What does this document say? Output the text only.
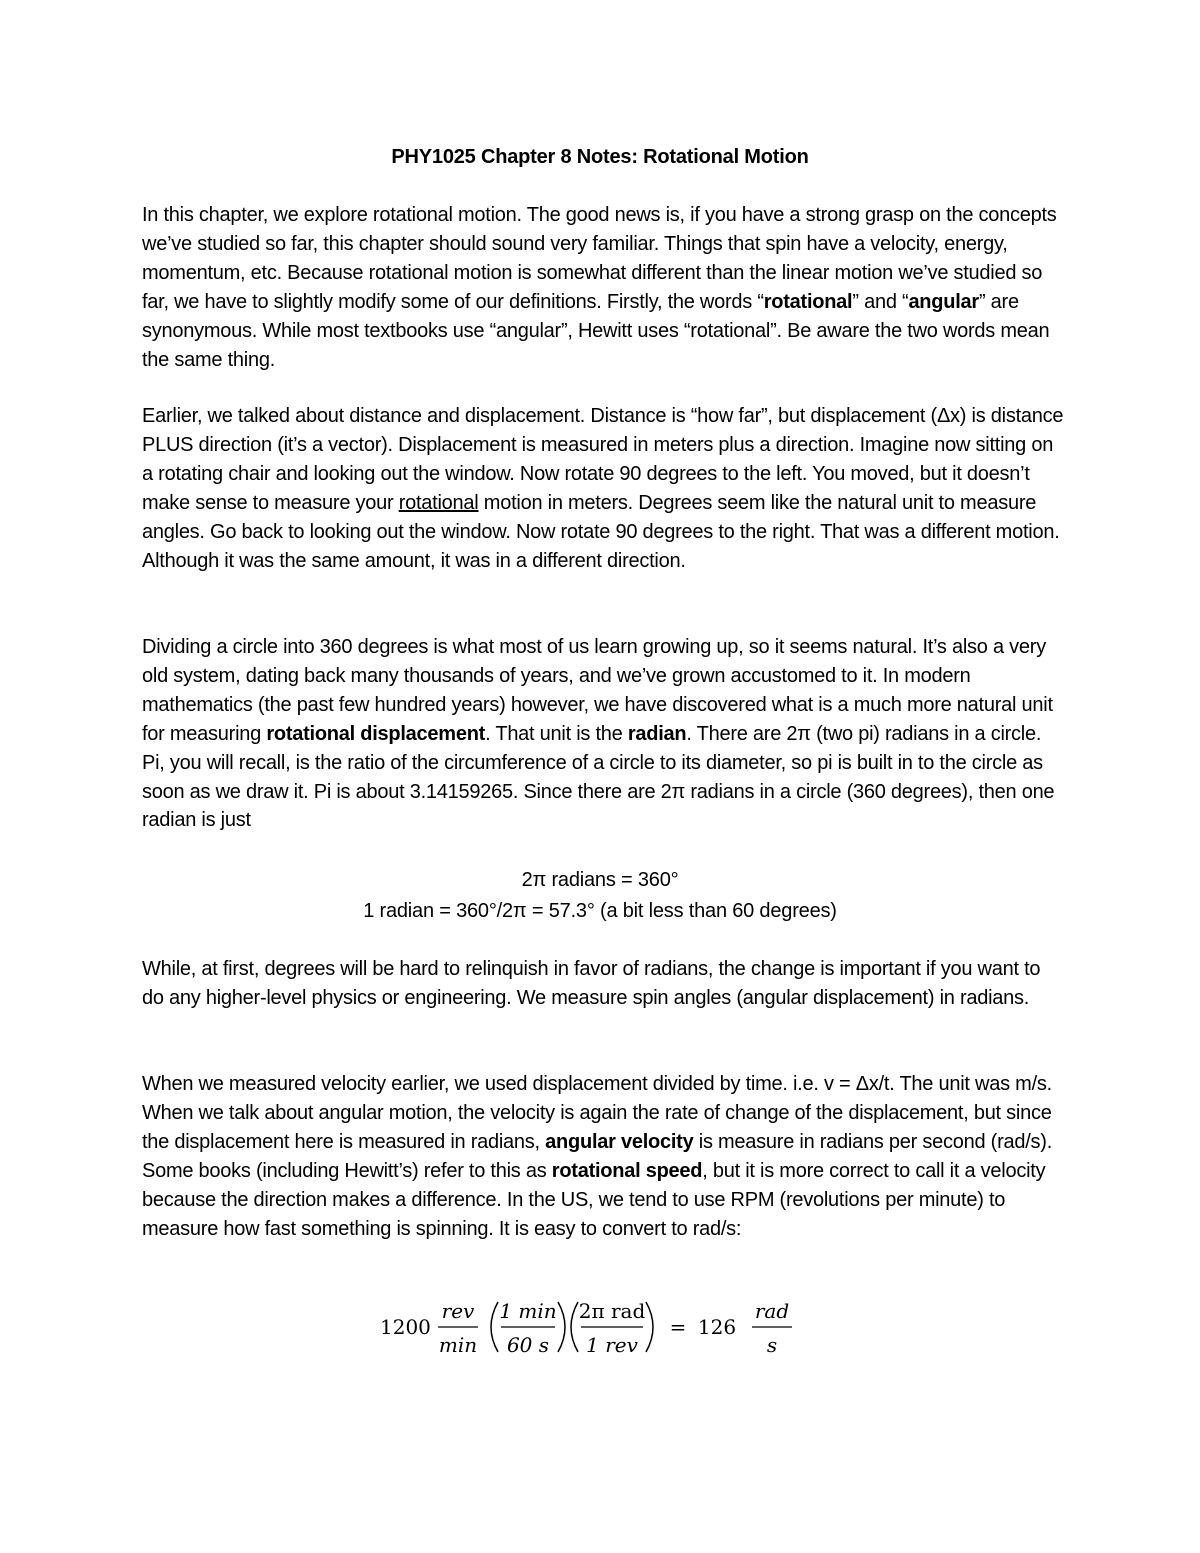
PHY1025 Chapter 8 Notes: Rotational Motion

In this chapter, we explore rotational motion. The good news is, if you have a strong grasp on the concepts we’ve studied so far, this chapter should sound very familiar. Things that spin have a velocity, energy, momentum, etc. Because rotational motion is somewhat different than the linear motion we’ve studied so far, we have to slightly modify some of our definitions. Firstly, the words “rotational” and “angular” are synonymous. While most textbooks use “angular”, Hewitt uses “rotational”. Be aware the two words mean the same thing.

Earlier, we talked about distance and displacement. Distance is “how far”, but displacement (Δx) is distance PLUS direction (it’s a vector). Displacement is measured in meters plus a direction. Imagine now sitting on a rotating chair and looking out the window. Now rotate 90 degrees to the left. You moved, but it doesn’t make sense to measure your rotational motion in meters. Degrees seem like the natural unit to measure angles. Go back to looking out the window. Now rotate 90 degrees to the right. That was a different motion. Although it was the same amount, it was in a different direction.

Dividing a circle into 360 degrees is what most of us learn growing up, so it seems natural. It’s also a very old system, dating back many thousands of years, and we’ve grown accustomed to it. In modern mathematics (the past few hundred years) however, we have discovered what is a much more natural unit for measuring rotational displacement. That unit is the radian. There are 2π (two pi) radians in a circle. Pi, you will recall, is the ratio of the circumference of a circle to its diameter, so pi is built in to the circle as soon as we draw it. Pi is about 3.14159265. Since there are 2π radians in a circle (360 degrees), then one radian is just

2π radians = 360°
1 radian = 360°/2π = 57.3° (a bit less than 60 degrees)

While, at first, degrees will be hard to relinquish in favor of radians, the change is important if you want to do any higher-level physics or engineering. We measure spin angles (angular displacement) in radians.

When we measured velocity earlier, we used displacement divided by time. i.e. v = Δx/t. The unit was m/s. When we talk about angular motion, the velocity is again the rate of change of the displacement, but since the displacement here is measured in radians, angular velocity is measure in radians per second (rad/s). Some books (including Hewitt’s) refer to this as rotational speed, but it is more correct to call it a velocity because the direction makes a difference. In the US, we tend to use RPM (revolutions per minute) to measure how fast something is spinning. It is easy to convert to rad/s:

1200
rev
min
1 min
60 s
2π rad
1 rev
= 126
rad
s
